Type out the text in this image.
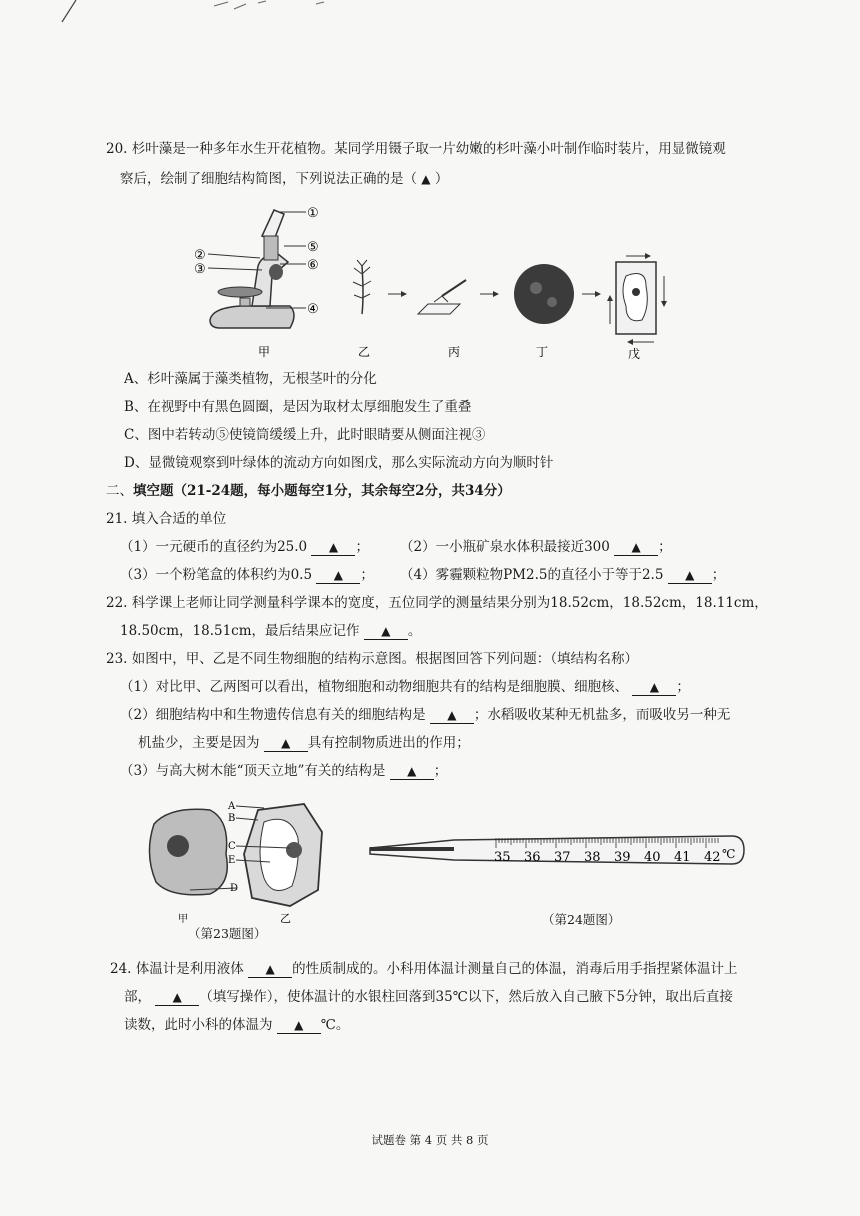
20. 杉叶藻是一种多年水生开花植物。某同学用镊子取一片幼嫩的杉叶藻小叶制作临时装片，用显微镜观
察后，绘制了细胞结构简图，下列说法正确的是（ ▲ ）
①
⑤
⑥
④
②
③
甲	乙	丙	丁	戊
A、杉叶藻属于藻类植物，无根茎叶的分化
B、在视野中有黑色圆圈，是因为取材太厚细胞发生了重叠
C、图中若转动⑤使镜筒缓缓上升，此时眼睛要从侧面注视③
D、显微镜观察到叶绿体的流动方向如图戊，那么实际流动方向为顺时针
二、填空题（21-24题，每小题每空1分，其余每空2分，共34分）
21. 填入合适的单位
（1）一元硬币的直径约为25.0 ▲ ； （2）一小瓶矿泉水体积最接近300 ▲ ；
（3）一个粉笔盒的体积约为0.5 ▲ ； （4）雾霾颗粒物PM2.5的直径小于等于2.5 ▲ ；
22. 科学课上老师让同学测量科学课本的宽度，五位同学的测量结果分别为18.52cm，18.52cm，18.11cm，
18.50cm，18.51cm，最后结果应记作 ▲ 。
23. 如图中，甲、乙是不同生物细胞的结构示意图。根据图回答下列问题：（填结构名称）
（1）对比甲、乙两图可以看出，植物细胞和动物细胞共有的结构是细胞膜、细胞核、 ▲ ；
（2）细胞结构中和生物遗传信息有关的细胞结构是 ▲ ；水稻吸收某种无机盐多，而吸收另一种无
机盐少，主要是因为 ▲ 具有控制物质进出的作用；
（3）与高大树木能“顶天立地”有关的结构是 ▲ ；
A
B
C
E
D
甲	乙
（第23题图）
35 36 37 38 39 40 41 42 ℃
（第24题图）
24. 体温计是利用液体 ▲ 的性质制成的。小科用体温计测量自己的体温，消毒后用手指捏紧体温计上
部， ▲ （填写操作），使体温计的水银柱回落到35℃以下，然后放入自己腋下5分钟，取出后直接
读数，此时小科的体温为 ▲ ℃。
试题卷 第 4 页 共 8 页
